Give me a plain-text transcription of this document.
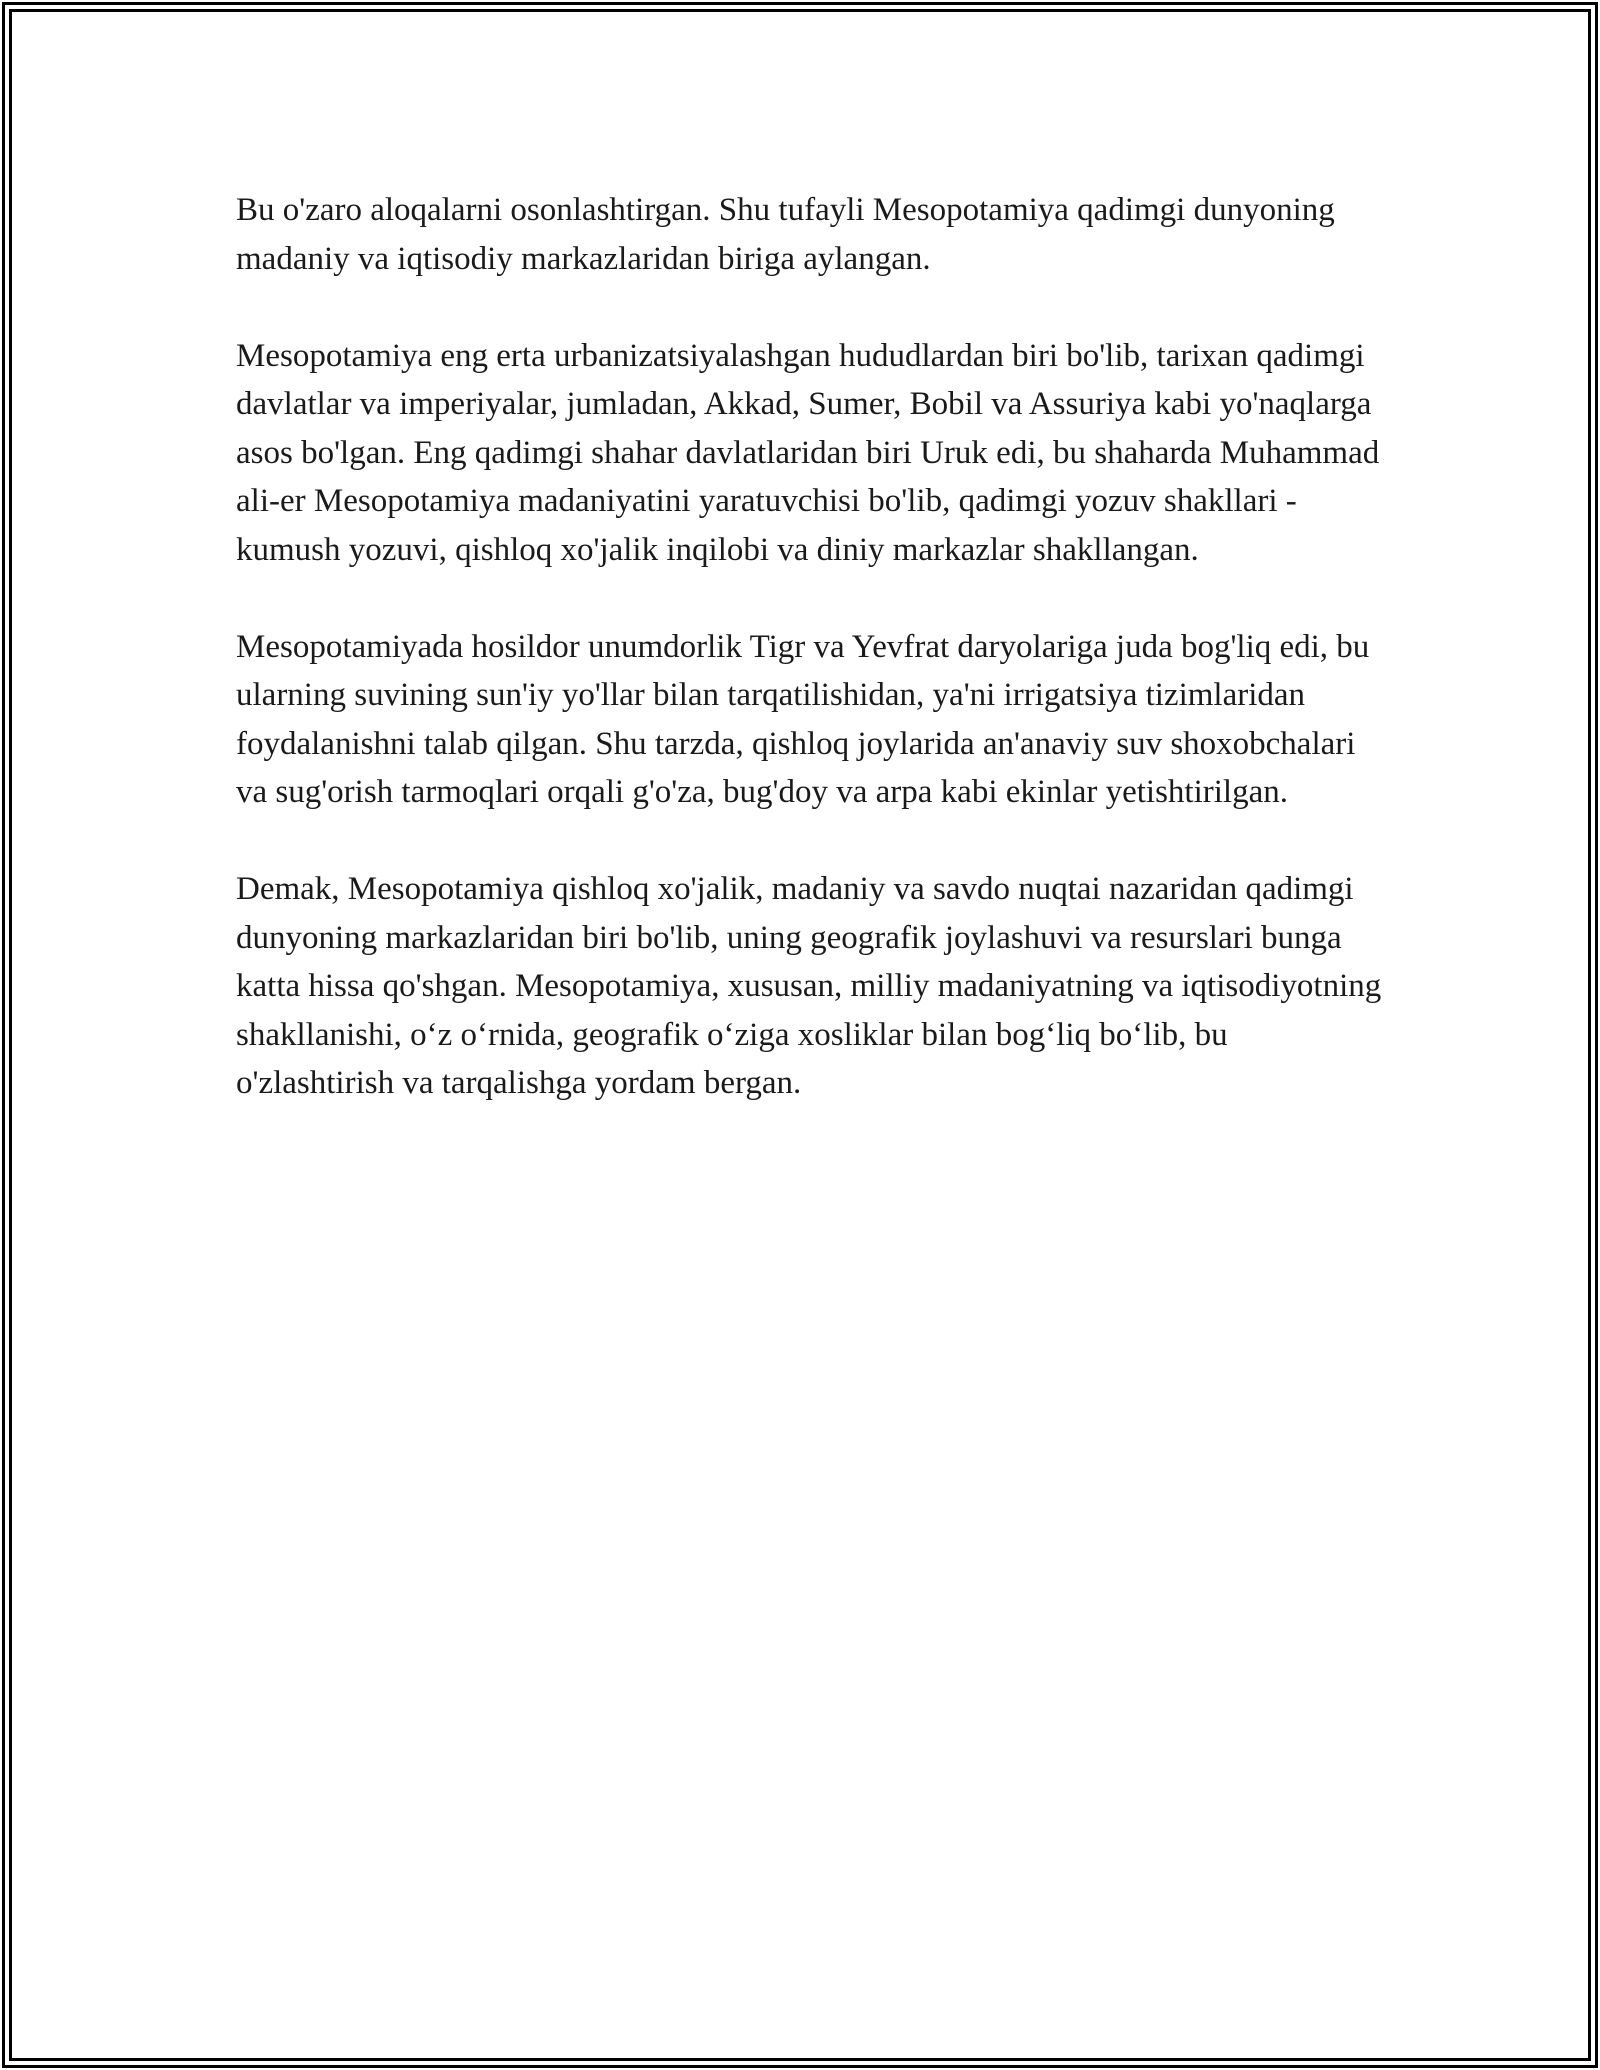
Bu o'zaro aloqalarni osonlashtirgan. Shu tufayli Mesopotamiya qadimgi dunyoning madaniy va iqtisodiy markazlaridan biriga aylangan.

Mesopotamiya eng erta urbanizatsiyalashgan hududlardan biri bo'lib, tarixan qadimgi davlatlar va imperiyalar, jumladan, Akkad, Sumer, Bobil va Assuriya kabi yo'naqlarga asos bo'lgan. Eng qadimgi shahar davlatlaridan biri Uruk edi, bu shaharda Muhammad ali-er Mesopotamiya madaniyatini yaratuvchisi bo'lib, qadimgi yozuv shakllari - kumush yozuvi, qishloq xo'jalik inqilobi va diniy markazlar shakllangan.

Mesopotamiyada hosildor unumdorlik Tigr va Yevfrat daryolariga juda bog'liq edi, bu ularning suvining sun'iy yo'llar bilan tarqatilishidan, ya'ni irrigatsiya tizimlaridan foydalanishni talab qilgan. Shu tarzda, qishloq joylarida an'anaviy suv shoxobchalari va sug'orish tarmoqlari orqali g'o'za, bug'doy va arpa kabi ekinlar yetishtirilgan.

Demak, Mesopotamiya qishloq xo'jalik, madaniy va savdo nuqtai nazaridan qadimgi dunyoning markazlaridan biri bo'lib, uning geografik joylashuvi va resurslari bunga katta hissa qo'shgan. Mesopotamiya, xususan, milliy madaniyatning va iqtisodiyotning shakllanishi, o‘z o‘rnida, geografik o‘ziga xosliklar bilan bog‘liq bo‘lib, bu o'zlashtirish va tarqalishga yordam bergan.
